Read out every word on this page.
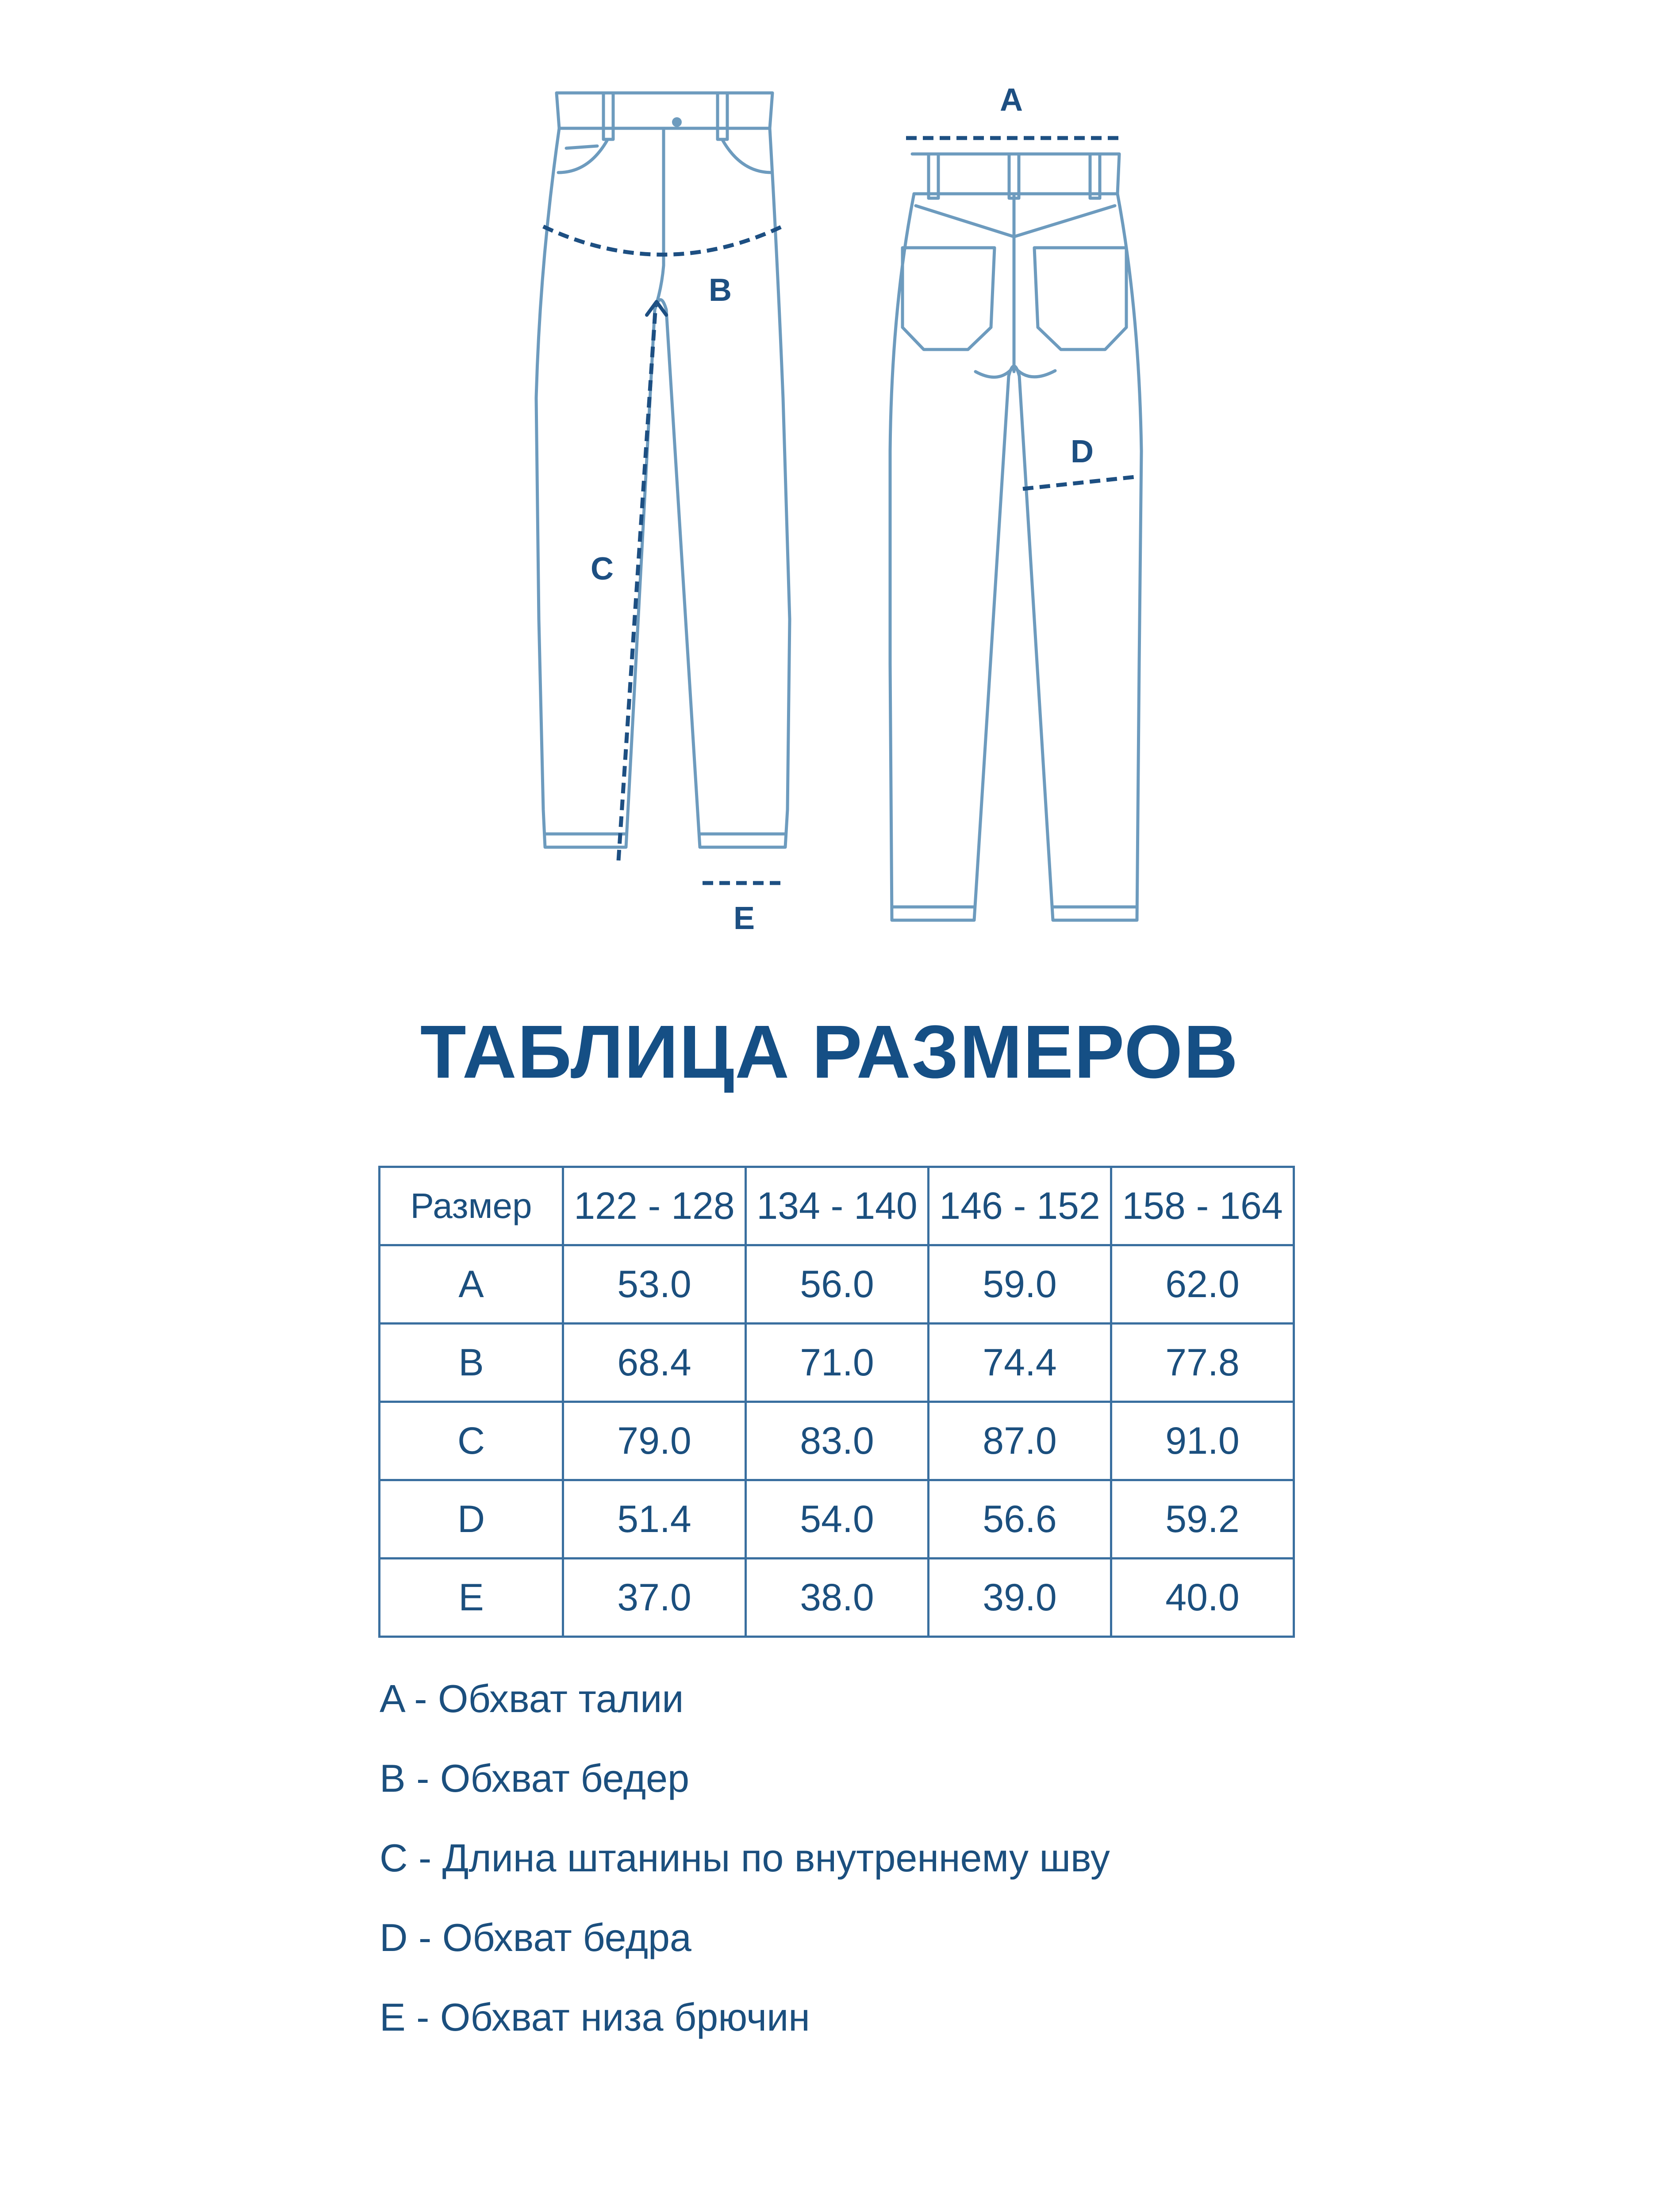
B
C
E
A
D
ТАБЛИЦА РАЗМЕРОВ
Размер	122 - 128	134 - 140	146 - 152	158 - 164
A	53.0	56.0	59.0	62.0
B	68.4	71.0	74.4	77.8
C	79.0	83.0	87.0	91.0
D	51.4	54.0	56.6	59.2
E	37.0	38.0	39.0	40.0
A - Обхват талии
B - Обхват бедер
C - Длина штанины по внутреннему шву
D - Обхват бедра
E - Обхват низа брючин
